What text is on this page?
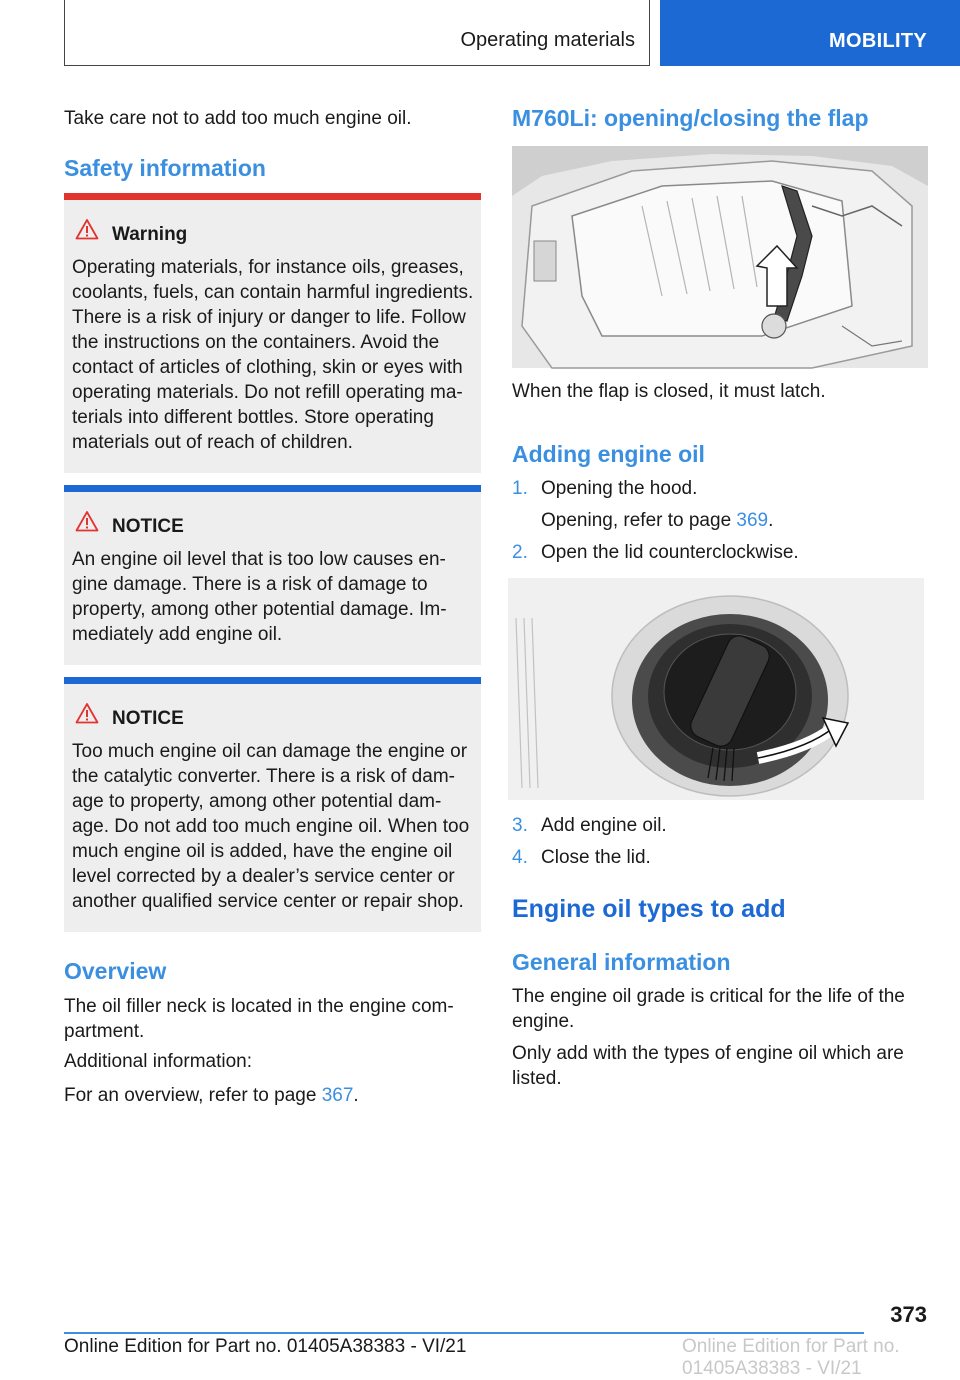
Operating materials	MOBILITY
Take care not to add too much engine oil.
Safety information
Warning
Operating materials, for instance oils, greases,
coolants, fuels, can contain harmful ingredients.
There is a risk of injury or danger to life. Follow
the instructions on the containers. Avoid the
contact of articles of clothing, skin or eyes with
operating materials. Do not refill operating ma‐
terials into different bottles. Store operating
materials out of reach of children.
NOTICE
An engine oil level that is too low causes en‐
gine damage. There is a risk of damage to
property, among other potential damage. Im‐
mediately add engine oil.
NOTICE
Too much engine oil can damage the engine or
the catalytic converter. There is a risk of dam‐
age to property, among other potential dam‐
age. Do not add too much engine oil. When too
much engine oil is added, have the engine oil
level corrected by a dealer’s service center or
another qualified service center or repair shop.
Overview
The oil filler neck is located in the engine com‐
partment.
Additional information:
For an overview, refer to page 367.
M760Li: opening/closing the flap
When the flap is closed, it must latch.
Adding engine oil
1. Opening the hood.
Opening, refer to page 369.
2. Open the lid counterclockwise.
3. Add engine oil.
4. Close the lid.
Engine oil types to add
General information
The engine oil grade is critical for the life of the
engine.
Only add with the types of engine oil which are
listed.
373
Online Edition for Part no. 01405A38383 - VI/21	Online Edition for Part no. 01405A38383 - VI/21
